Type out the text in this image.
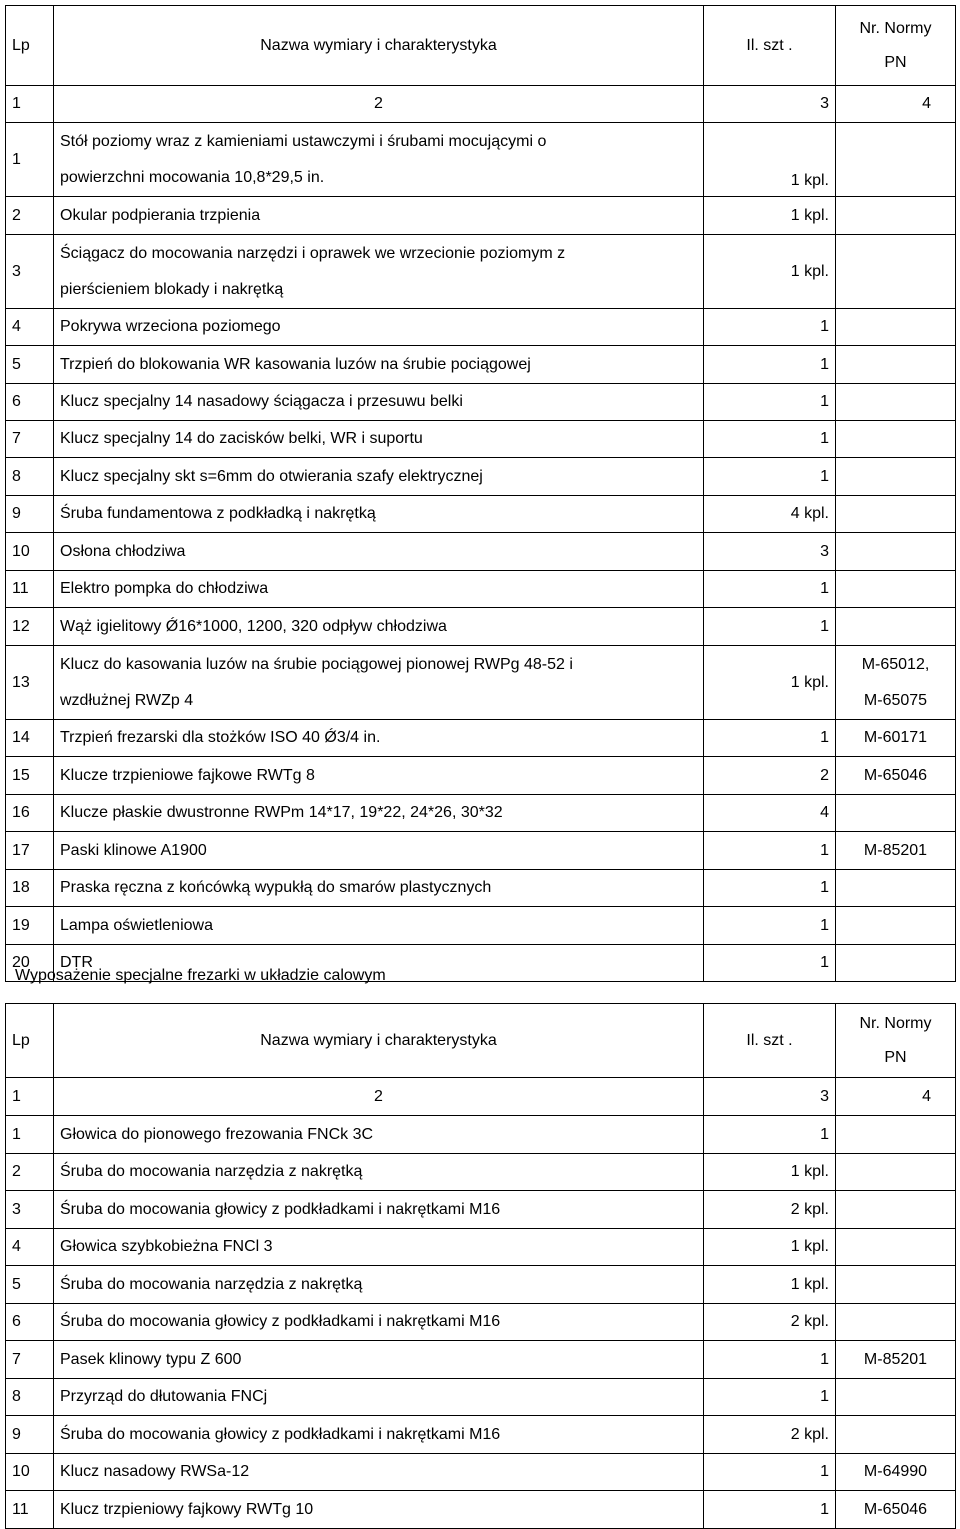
Lp	Nazwa wymiary i charakterystyka	Il. szt .	Nr. Normy
PN

1	2	3	4
1	Stół poziomy wraz z kamieniami ustawczymi i śrubami mocującymi o
powierzchni mocowania 10,8*29,5 in.	1 kpl.	

2	Okular podpierania trzpienia	1 kpl.	

3	Ściągacz do mocowania narzędzi i oprawek we wrzecionie poziomym z
pierścieniem blokady i nakrętką	1 kpl.	

4	Pokrywa wrzeciona poziomego	1	

5	Trzpień do blokowania WR kasowania luzów na śrubie pociągowej	1	

6	Klucz specjalny 14 nasadowy ściągacza i przesuwu belki	1	

7	Klucz specjalny 14 do zacisków belki, WR i suportu	1	

8	Klucz specjalny skt s=6mm do otwierania szafy elektrycznej	1	

9	Śruba fundamentowa z podkładką i nakrętką	4 kpl.	

10	Osłona chłodziwa	3	

11	Elektro pompka do chłodziwa	1	

12	Wąż igielitowy Ǿ16*1000, 1200, 320 odpływ chłodziwa	1	

13	Klucz do kasowania luzów na śrubie pociągowej pionowej RWPg 48-52 i
wzdłużnej RWZp 4	1 kpl.	M-65012,
M-65075

14	Trzpień frezarski dla stożków ISO 40 Ǿ3/4 in.	1	M-60171

15	Klucze trzpieniowe fajkowe RWTg 8	2	M-65046

16	Klucze płaskie dwustronne RWPm 14*17, 19*22, 24*26, 30*32	4	

17	Paski klinowe A1900	1	M-85201

18	Praska ręczna z końcówką wypukłą do smarów plastycznych	1	

19	Lampa oświetleniowa	1	

20	DTR	1	
Wyposażenie specjalne frezarki w układzie calowym
Lp	Nazwa wymiary i charakterystyka	Il. szt .	Nr. Normy
PN

1	2	3	4
1	Głowica do pionowego frezowania FNCk 3C	1	
2	Śruba do mocowania narzędzia z nakrętką	1 kpl.	
3	Śruba do mocowania głowicy z podkładkami i nakrętkami M16	2 kpl.	
4	Głowica szybkobieżna FNCl 3	1 kpl.	
5	Śruba do mocowania narzędzia z nakrętką	1 kpl.	
6	Śruba do mocowania głowicy z podkładkami i nakrętkami M16	2 kpl.	
7	Pasek klinowy typu Z 600	1	M-85201
8	Przyrząd do dłutowania FNCj	1	
9	Śruba do mocowania głowicy z podkładkami i nakrętkami M16	2 kpl.	
10	Klucz nasadowy RWSa-12	1	M-64990
11	Klucz trzpieniowy fajkowy RWTg 10	1	M-65046
